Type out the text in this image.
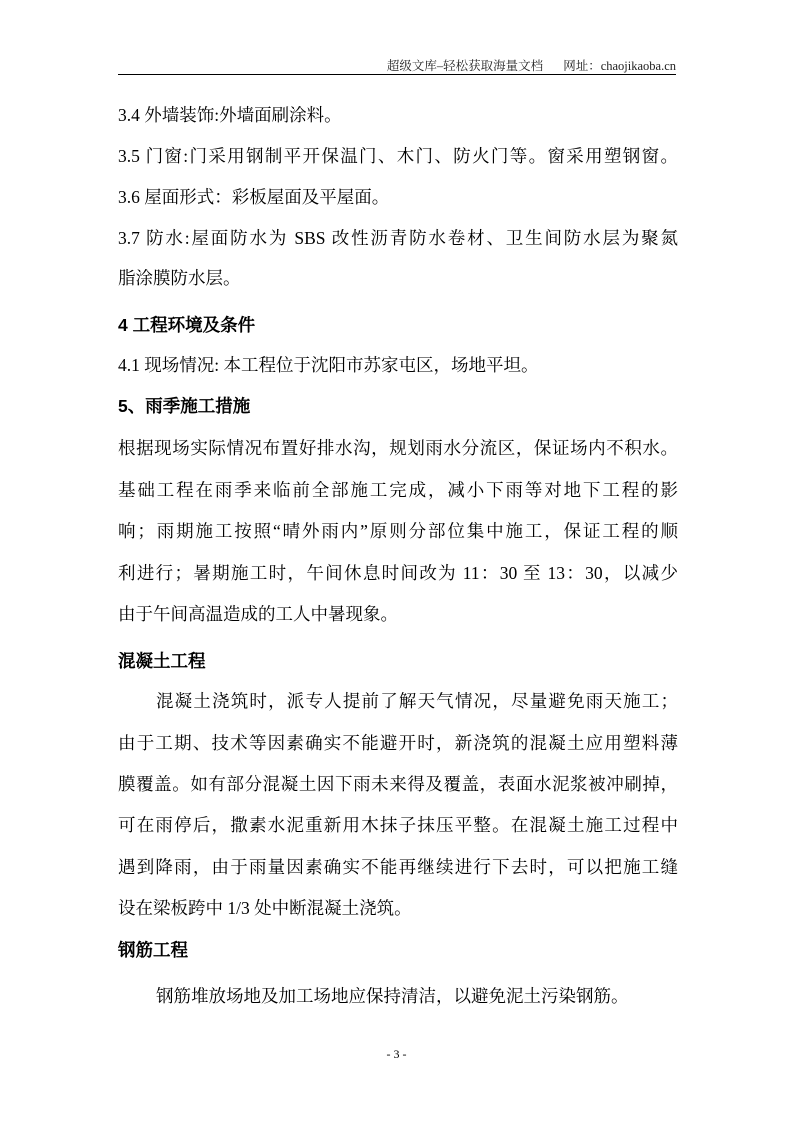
超级文库–轻松获取海量文档 网址：chaojikaoba.cn
3.4 外墙装饰:外墙面刷涂料。
3.5 门窗:门采用钢制平开保温门、木门、防火门等。窗采用塑钢窗。
3.6 屋面形式：彩板屋面及平屋面。
3.7 防水:屋面防水为 SBS 改性沥青防水卷材、卫生间防水层为聚氮
脂涂膜防水层。
4 工程环境及条件
4.1 现场情况: 本工程位于沈阳市苏家屯区，场地平坦。
5、雨季施工措施
根据现场实际情况布置好排水沟，规划雨水分流区，保证场内不积水。
基础工程在雨季来临前全部施工完成，减小下雨等对地下工程的影
响；雨期施工按照“晴外雨内”原则分部位集中施工，保证工程的顺
利进行；暑期施工时，午间休息时间改为 11：30 至 13：30，以减少
由于午间高温造成的工人中暑现象。
混凝土工程
混凝土浇筑时，派专人提前了解天气情况，尽量避免雨天施工；
由于工期、技术等因素确实不能避开时，新浇筑的混凝土应用塑料薄
膜覆盖。如有部分混凝土因下雨未来得及覆盖，表面水泥浆被冲刷掉，
可在雨停后，撒素水泥重新用木抹子抹压平整。在混凝土施工过程中
遇到降雨，由于雨量因素确实不能再继续进行下去时，可以把施工缝
设在梁板跨中 1/3 处中断混凝土浇筑。
钢筋工程
钢筋堆放场地及加工场地应保持清洁，以避免泥土污染钢筋。
- 3 -
